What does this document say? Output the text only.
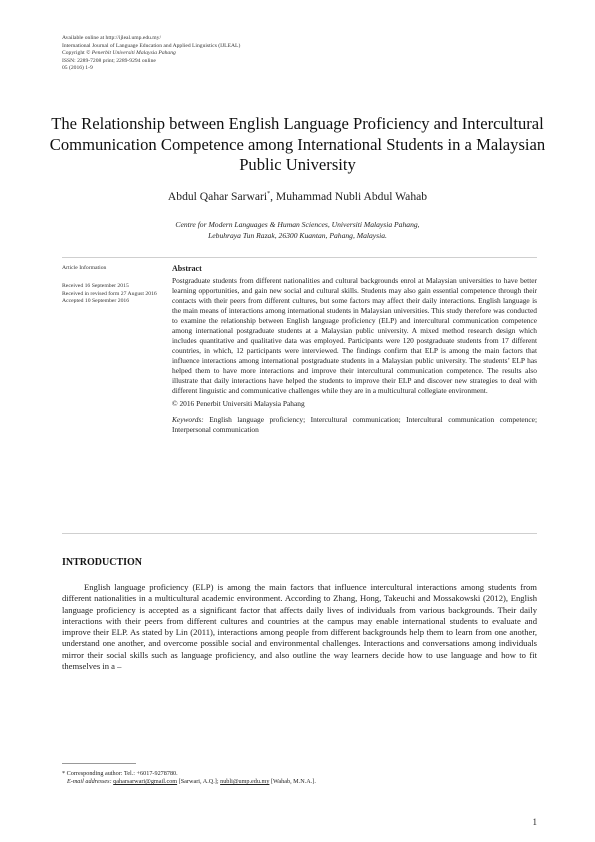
Available online at http://ijleal.ump.edu.my/
International Journal of Language Education and Applied Linguistics (IJLEAL)
Copyright © Penerbit Universiti Malaysia Pahang
ISSN: 2289-7208 print; 2289-9294 online
05 (2016) 1-9
The Relationship between English Language Proficiency and Intercultural Communication Competence among International Students in a Malaysian Public University
Abdul Qahar Sarwari*, Muhammad Nubli Abdul Wahab
Centre for Modern Languages & Human Sciences, Universiti Malaysia Pahang,
Lebuhraya Tun Razak, 26300 Kuantan, Pahang, Malaysia.
Article Information
Received 16 September 2015
Received in revised form 27 August 2016
Accepted 10 September 2016
Abstract

Postgraduate students from different nationalities and cultural backgrounds enrol at Malaysian universities to have better learning opportunities, and gain new social and cultural skills. Students may also gain essential competence through their contacts with their peers from different cultures, but some factors may affect their daily interactions. English language is the main means of interactions among international students in Malaysian universities. This study therefore was conducted to examine the relationship between English language proficiency (ELP) and intercultural communication competence among international postgraduate students at a Malaysian public university. A mixed method research design which includes quantitative and qualitative data was employed. Participants were 120 postgraduate students from 17 different countries, in which, 12 participants were interviewed. The findings confirm that ELP is among the main factors that influence interactions among international postgraduate students in a Malaysian public university. The students’ ELP has helped them to have more interactions and improve their intercultural communication competence. The results also illustrate that daily interactions have helped the students to improve their ELP and discover new strategies to deal with different linguistic and communicative challenges while they are in a multicultural collegiate environment.

© 2016 Penerbit Universiti Malaysia Pahang

Keywords: English language proficiency; Intercultural communication; Intercultural communication competence; Interpersonal communication

INTRODUCTION

English language proficiency (ELP) is among the main factors that influence intercultural interactions among students from different nationalities in a multicultural academic environment. According to Zhang, Hong, Takeuchi and Mossakowski (2012), English language proficiency is accepted as a significant factor that affects daily lives of individuals from various backgrounds. Their daily interactions with their peers from different cultures and countries at the campus may enable international students to evaluate and improve their ELP. As stated by Lin (2011), interactions among people from different backgrounds help them to learn from one another, understand one another, and overcome possible social and environmental challenges. Interactions and conversations among individuals mirror their social skills such as language proficiency, and also outline the way learners decide how to use language and how to fit themselves in a –

* Corresponding author: Tel.: +6017-9278780.
E-mail addresses: qaharsarwari@gmail.com [Sarwari, A.Q.]; nubli@ump.edu.my [Wahab, M.N.A.].
1
